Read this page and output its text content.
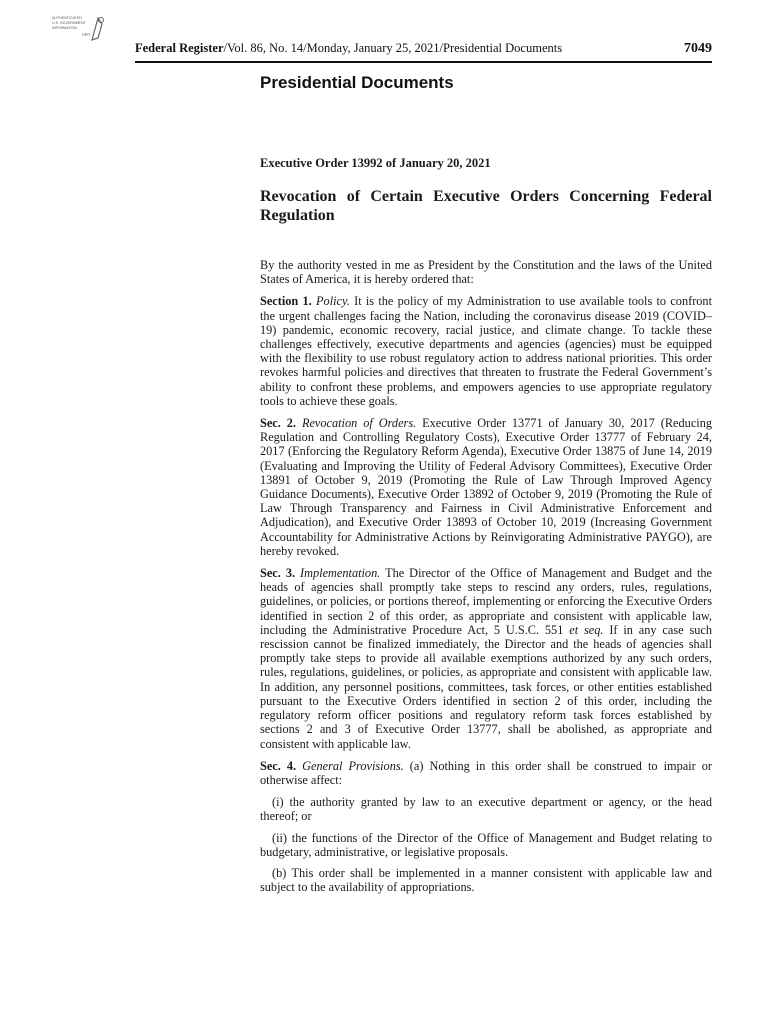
AUTHENTICATED
U.S. GOVERNMENT
INFORMATION
GPO
Federal Register/Vol. 86, No. 14/Monday, January 25, 2021/Presidential Documents	7049
Presidential Documents
Executive Order 13992 of January 20, 2021
Revocation of Certain Executive Orders Concerning Federal Regulation

By the authority vested in me as President by the Constitution and the laws of the United States of America, it is hereby ordered that:

Section 1. Policy. It is the policy of my Administration to use available tools to confront the urgent challenges facing the Nation, including the coronavirus disease 2019 (COVID–19) pandemic, economic recovery, racial justice, and climate change. To tackle these challenges effectively, executive departments and agencies (agencies) must be equipped with the flexibility to use robust regulatory action to address national priorities. This order revokes harmful policies and directives that threaten to frustrate the Federal Government’s ability to confront these problems, and empowers agencies to use appropriate regulatory tools to achieve these goals.

Sec. 2. Revocation of Orders. Executive Order 13771 of January 30, 2017 (Reducing Regulation and Controlling Regulatory Costs), Executive Order 13777 of February 24, 2017 (Enforcing the Regulatory Reform Agenda), Executive Order 13875 of June 14, 2019 (Evaluating and Improving the Utility of Federal Advisory Committees), Executive Order 13891 of October 9, 2019 (Promoting the Rule of Law Through Improved Agency Guidance Documents), Executive Order 13892 of October 9, 2019 (Promoting the Rule of Law Through Transparency and Fairness in Civil Administrative Enforcement and Adjudication), and Executive Order 13893 of October 10, 2019 (Increasing Government Accountability for Administrative Actions by Reinvigorating Administrative PAYGO), are hereby revoked.

Sec. 3. Implementation. The Director of the Office of Management and Budget and the heads of agencies shall promptly take steps to rescind any orders, rules, regulations, guidelines, or policies, or portions thereof, implementing or enforcing the Executive Orders identified in section 2 of this order, as appropriate and consistent with applicable law, including the Administrative Procedure Act, 5 U.S.C. 551 et seq. If in any case such rescission cannot be finalized immediately, the Director and the heads of agencies shall promptly take steps to provide all available exemptions authorized by any such orders, rules, regulations, guidelines, or policies, as appropriate and consistent with applicable law. In addition, any personnel positions, committees, task forces, or other entities established pursuant to the Executive Orders identified in section 2 of this order, including the regulatory reform officer positions and regulatory reform task forces established by sections 2 and 3 of Executive Order 13777, shall be abolished, as appropriate and consistent with applicable law.

Sec. 4. General Provisions. (a) Nothing in this order shall be construed to impair or otherwise affect:

(i) the authority granted by law to an executive department or agency, or the head thereof; or

(ii) the functions of the Director of the Office of Management and Budget relating to budgetary, administrative, or legislative proposals.

(b) This order shall be implemented in a manner consistent with applicable law and subject to the availability of appropriations.
